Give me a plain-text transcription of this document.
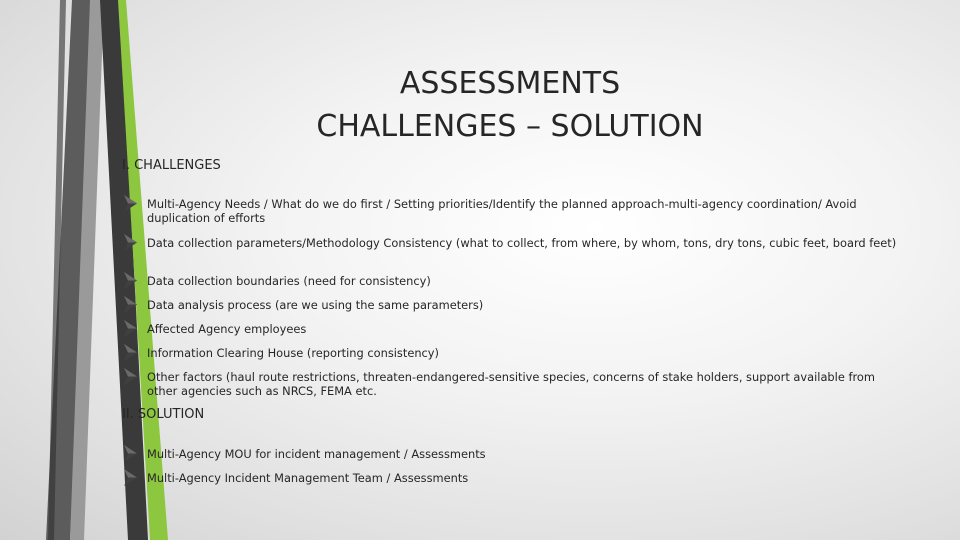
ASSESSMENTS
CHALLENGES – SOLUTION
I. CHALLENGES
Multi-Agency Needs / What do we do first / Setting priorities/Identify the planned approach-multi-agency coordination/ Avoid duplication of efforts
Data collection parameters/Methodology Consistency (what to collect, from where, by whom, tons, dry tons, cubic feet, board feet)
Data collection boundaries (need for consistency)
Data analysis process (are we using the same parameters)
Affected Agency employees
Information Clearing House (reporting consistency)
Other factors (haul route restrictions, threaten-endangered-sensitive species, concerns of stake holders, support available from other agencies such as NRCS, FEMA etc.
II. SOLUTION
Multi-Agency MOU for incident management / Assessments
Multi-Agency Incident Management Team / Assessments
